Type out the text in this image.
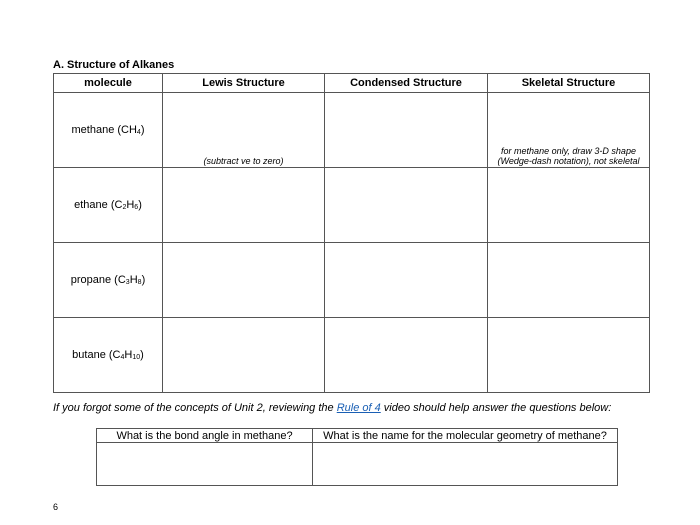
A. Structure of Alkanes
molecule	Lewis Structure	Condensed Structure	Skeletal Structure
methane $(CH_4)$	(subtract ve to zero)		for methane only, draw 3-D shape
(Wedge-dash notation), not skeletal

ethane $(C_2H_6)$			
propane $(C_3H_8)$			
butane $(C_4H_{10})$			
If you forgot some of the concepts of Unit 2, reviewing the Rule of 4 video should help answer the questions below:
What is the bond angle in methane?	What is the name for the molecular geometry of methane?

6
